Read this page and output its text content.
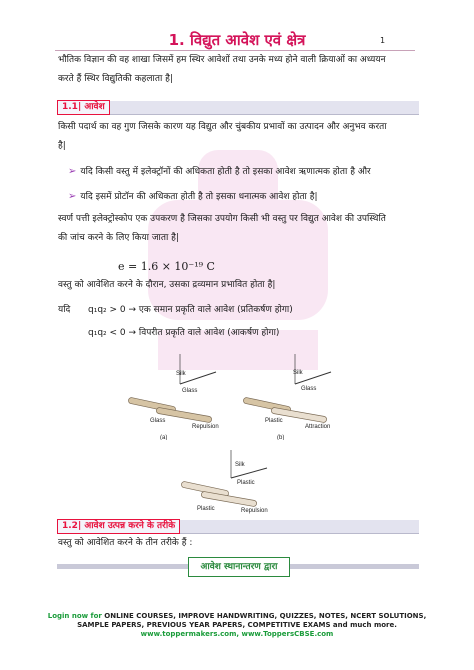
1. विद्युत आवेश एवं क्षेत्र	1
भौतिक विज्ञान की वह शाखा जिसमें हम स्थिर आवेशों तथा उनके मध्य होने वाली क्रियाओं का अध्ययन
करते हैं स्थिर विद्युतिकी कहलाता है|
1.1| आवेश
किसी पदार्थ का वह गुण जिसके कारण यह विद्युत और चुंबकीय प्रभावों का उत्पादन और अनुभव करता
है|
➢ यदि किसी वस्तु में इलेक्ट्रॉनों की अधिकता होती है तो इसका आवेश ऋणात्मक होता है और
➢ यदि इसमें प्रोटॉन की अधिकता होती है तो इसका धनात्मक आवेश होता है|
स्वर्ण पत्ती इलेक्ट्रोस्कोप एक उपकरण है जिसका उपयोग किसी भी वस्तु पर विद्युत आवेश की उपस्थिति
की जांच करने के लिए किया जाता है|
e = 1.6 × 10⁻¹⁹ C
वस्तु को आवेशित करने के दौरान, उसका द्रव्यमान प्रभावित होता है|
यदि q₁q₂ > 0 → एक समान प्रकृति वाले आवेश (प्रतिकर्षण होगा)
q₁q₂ < 0 → विपरीत प्रकृति वाले आवेश (आकर्षण होगा)
Silk
Glass
Glass
Repulsion
(a)
Silk
Glass
Plastic
Attraction
(b)
Silk
Plastic
Plastic	Repulsion
1.2| आवेश उत्पन्न करने के तरीके
वस्तु को आवेशित करने के तीन तरीके हैं :
आवेश स्थानान्तरण द्वारा
Login now for ONLINE COURSES, IMPROVE HANDWRITING, QUIZZES, NOTES, NCERT SOLUTIONS,
SAMPLE PAPERS, PREVIOUS YEAR PAPERS, COMPETITIVE EXAMS and much more.
www.toppermakers.com, www.ToppersCBSE.com
